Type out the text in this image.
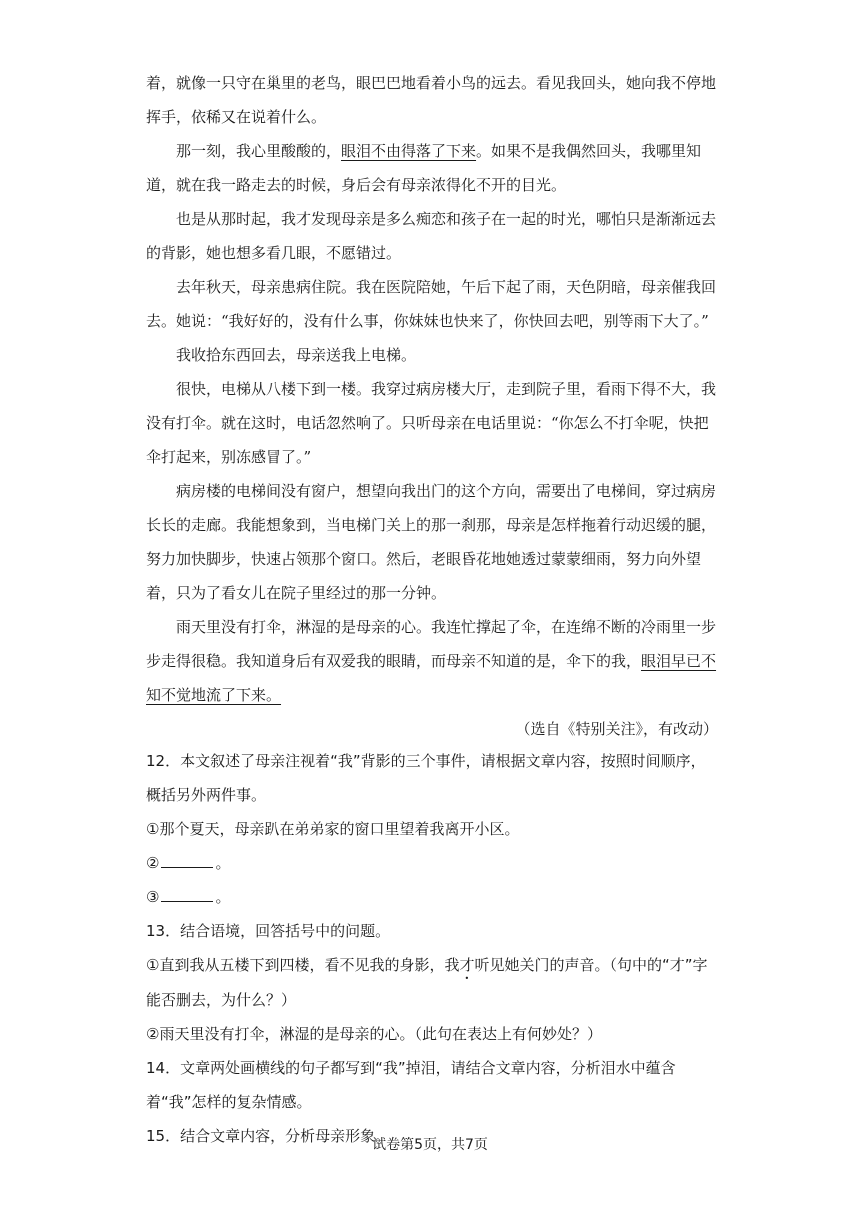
着，就像一只守在巢里的老鸟，眼巴巴地看着小鸟的远去。看见我回头，她向我不停地挥手，依稀又在说着什么。

那一刻，我心里酸酸的，眼泪不由得落了下来。如果不是我偶然回头，我哪里知道，就在我一路走去的时候，身后会有母亲浓得化不开的目光。

也是从那时起，我才发现母亲是多么痴恋和孩子在一起的时光，哪怕只是渐渐远去的背影，她也想多看几眼，不愿错过。

去年秋天，母亲患病住院。我在医院陪她，午后下起了雨，天色阴暗，母亲催我回去。她说：“我好好的，没有什么事，你妹妹也快来了，你快回去吧，别等雨下大了。”

我收拾东西回去，母亲送我上电梯。

很快，电梯从八楼下到一楼。我穿过病房楼大厅，走到院子里，看雨下得不大，我没有打伞。就在这时，电话忽然响了。只听母亲在电话里说：“你怎么不打伞呢，快把伞打起来，别冻感冒了。”

病房楼的电梯间没有窗户，想望向我出门的这个方向，需要出了电梯间，穿过病房长长的走廊。我能想象到，当电梯门关上的那一刹那，母亲是怎样拖着行动迟缓的腿，努力加快脚步，快速占领那个窗口。然后，老眼昏花地她透过蒙蒙细雨，努力向外望着，只为了看女儿在院子里经过的那一分钟。

雨天里没有打伞，淋湿的是母亲的心。我连忙撑起了伞，在连绵不断的冷雨里一步步走得很稳。我知道身后有双爱我的眼睛，而母亲不知道的是，伞下的我，眼泪早已不知不觉地流了下来。

（选自《特别关注》，有改动）

12．本文叙述了母亲注视着“我”背影的三个事件，请根据文章内容，按照时间顺序，概括另外两件事。

①那个夏天，母亲趴在弟弟家的窗口里望着我离开小区。

②	。

③	。

13．结合语境，回答括号中的问题。

①直到我从五楼下到四楼，看不见我的身影，我才听见她关门的声音。（句中的“才”字能否删去，为什么？）

②雨天里没有打伞，淋湿的是母亲的心。（此句在表达上有何妙处？）

14．文章两处画横线的句子都写到“我”掉泪，请结合文章内容，分析泪水中蕴含着“我”怎样的复杂情感。

15．结合文章内容，分析母亲形象。

试卷第5页，共7页
